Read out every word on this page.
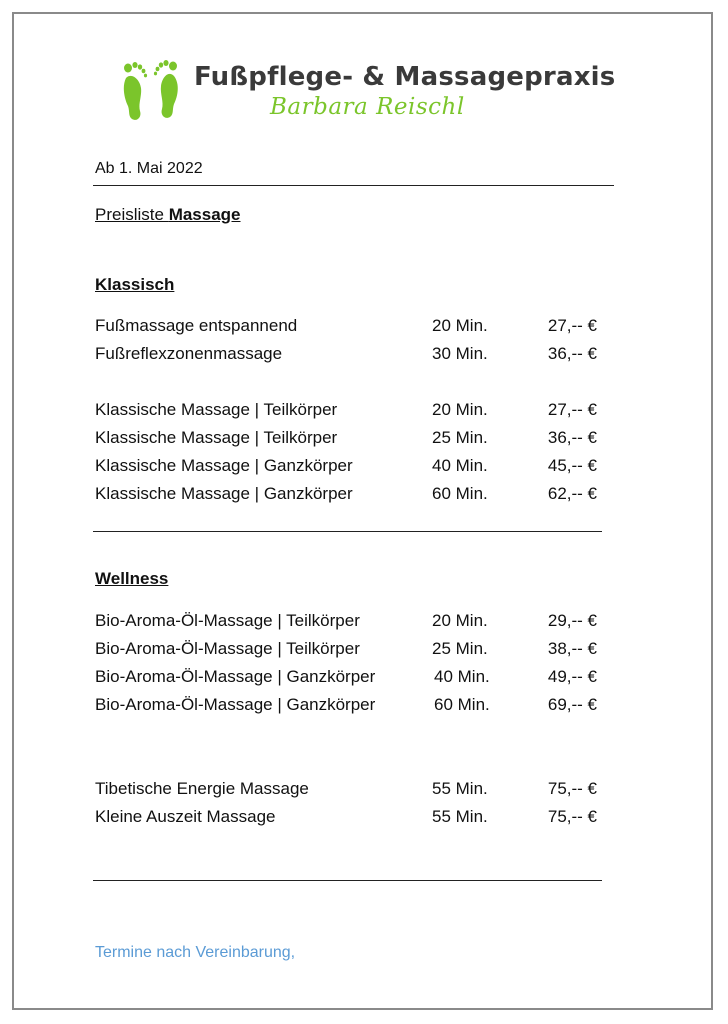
Fußpflege- & Massagepraxis
Barbara Reischl
Ab 1. Mai 2022
Preisliste Massage
Klassisch
Fußmassage entspannend	20 Min.	27,-- €
Fußreflexzonenmassage	30 Min.	36,-- €
Klassische Massage | Teilkörper	20 Min.	27,-- €
Klassische Massage | Teilkörper	25 Min.	36,-- €
Klassische Massage | Ganzkörper	40 Min.	45,-- €
Klassische Massage | Ganzkörper	60 Min.	62,-- €
Wellness
Bio-Aroma-Öl-Massage | Teilkörper	20 Min.	29,-- €
Bio-Aroma-Öl-Massage | Teilkörper	25 Min.	38,-- €
Bio-Aroma-Öl-Massage | Ganzkörper	40 Min.	49,-- €
Bio-Aroma-Öl-Massage | Ganzkörper	60 Min.	69,-- €
Tibetische Energie Massage	55 Min.	75,-- €
Kleine Auszeit Massage	55 Min.	75,-- €
Termine nach Vereinbarung,
